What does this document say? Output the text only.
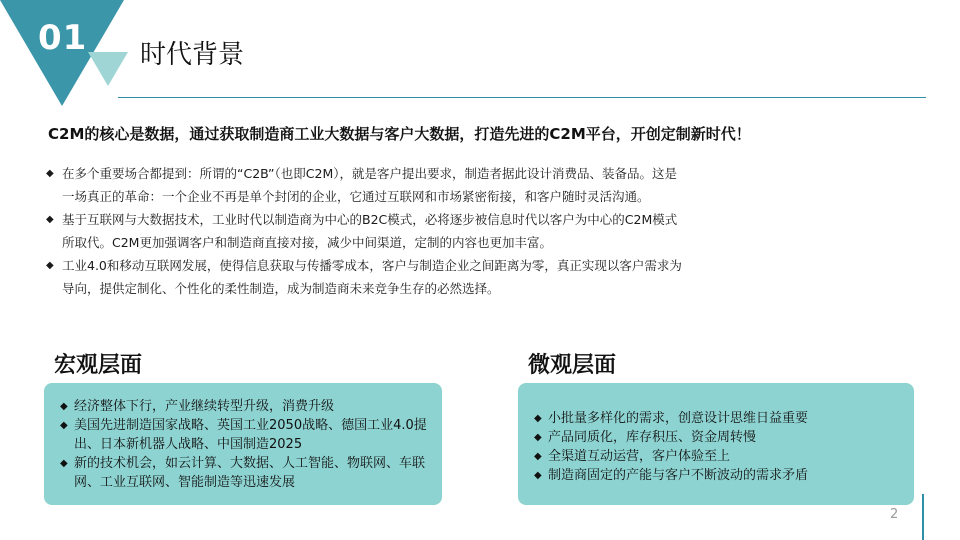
01 时代背景
C2M的核心是数据，通过获取制造商工业大数据与客户大数据，打造先进的C2M平台，开创定制新时代！
◆ 在多个重要场合都提到：所谓的“C2B”（也即C2M），就是客户提出要求，制造者据此设计消费品、装备品。这是一场真正的革命：一个企业不再是单个封闭的企业，它通过互联网和市场紧密衔接，和客户随时灵活沟通。
◆ 基于互联网与大数据技术，工业时代以制造商为中心的B2C模式，必将逐步被信息时代以客户为中心的C2M模式所取代。C2M更加强调客户和制造商直接对接，减少中间渠道，定制的内容也更加丰富。
◆ 工业4.0和移动互联网发展，使得信息获取与传播零成本，客户与制造企业之间距离为零，真正实现以客户需求为导向，提供定制化、个性化的柔性制造，成为制造商未来竞争生存的必然选择。
宏观层面
◆ 经济整体下行，产业继续转型升级，消费升级
◆ 美国先进制造国家战略、英国工业2050战略、德国工业4.0提出、日本新机器人战略、中国制造2025
◆ 新的技术机会，如云计算、大数据、人工智能、物联网、车联网、工业互联网、智能制造等迅速发展
微观层面
◆ 小批量多样化的需求，创意设计思维日益重要
◆ 产品同质化，库存积压、资金周转慢
◆ 全渠道互动运营，客户体验至上
◆ 制造商固定的产能与客户不断波动的需求矛盾
2
